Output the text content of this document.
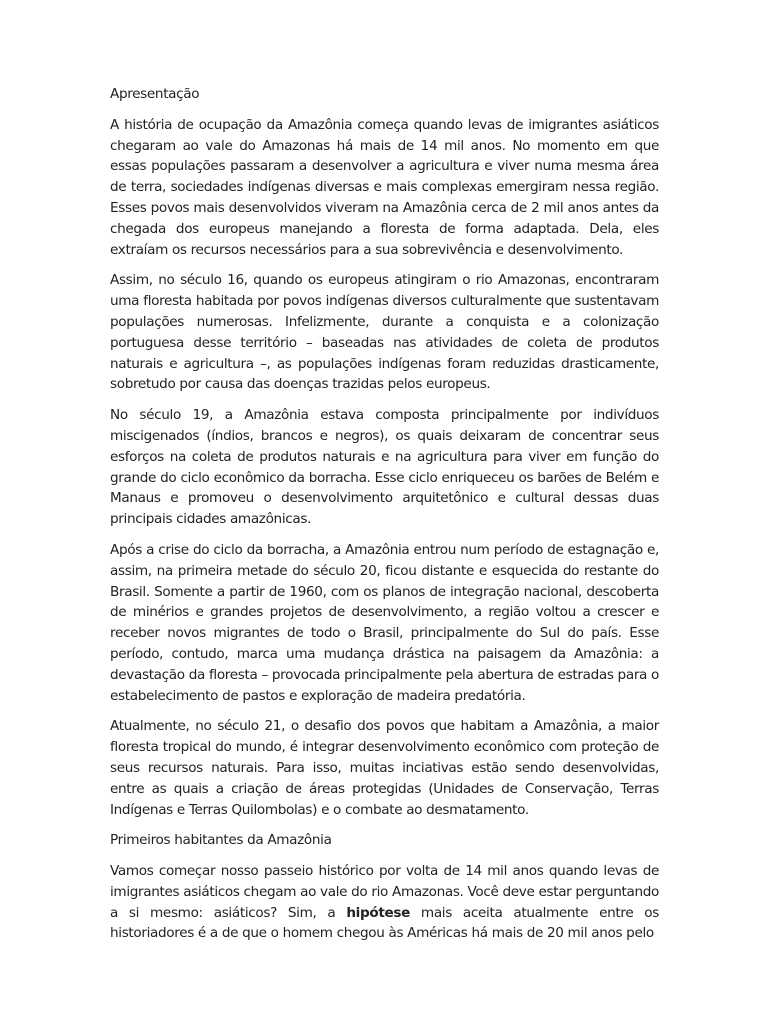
Apresentação

A história de ocupação da Amazônia começa quando levas de imigrantes asiáticos chegaram ao vale do Amazonas há mais de 14 mil anos. No momento em que essas populações passaram a desenvolver a agricultura e viver numa mesma área de terra, sociedades indígenas diversas e mais complexas emergiram nessa região. Esses povos mais desenvolvidos viveram na Amazônia cerca de 2 mil anos antes da chegada dos europeus manejando a floresta de forma adaptada. Dela, eles extraíam os recursos necessários para a sua sobrevivência e desenvolvimento.

Assim, no século 16, quando os europeus atingiram o rio Amazonas, encontraram uma floresta habitada por povos indígenas diversos culturalmente que sustentavam populações numerosas. Infelizmente, durante a conquista e a colonização portuguesa desse território – baseadas nas atividades de coleta de produtos naturais e agricultura –, as populações indígenas foram reduzidas drasticamente, sobretudo por causa das doenças trazidas pelos europeus.

No século 19, a Amazônia estava composta principalmente por indivíduos miscigenados (índios, brancos e negros), os quais deixaram de concentrar seus esforços na coleta de produtos naturais e na agricultura para viver em função do grande do ciclo econômico da borracha. Esse ciclo enriqueceu os barões de Belém e Manaus e promoveu o desenvolvimento arquitetônico e cultural dessas duas principais cidades amazônicas.

Após a crise do ciclo da borracha, a Amazônia entrou num período de estagnação e, assim, na primeira metade do século 20, ficou distante e esquecida do restante do Brasil. Somente a partir de 1960, com os planos de integração nacional, descoberta de minérios e grandes projetos de desenvolvimento, a região voltou a crescer e receber novos migrantes de todo o Brasil, principalmente do Sul do país. Esse período, contudo, marca uma mudança drástica na paisagem da Amazônia: a devastação da floresta – provocada principalmente pela abertura de estradas para o estabelecimento de pastos e exploração de madeira predatória.

Atualmente, no século 21, o desafio dos povos que habitam a Amazônia, a maior floresta tropical do mundo, é integrar desenvolvimento econômico com proteção de seus recursos naturais. Para isso, muitas inciativas estão sendo desenvolvidas, entre as quais a criação de áreas protegidas (Unidades de Conservação, Terras Indígenas e Terras Quilombolas) e o combate ao desmatamento.

Primeiros habitantes da Amazônia

Vamos começar nosso passeio histórico por volta de 14 mil anos quando levas de imigrantes asiáticos chegam ao vale do rio Amazonas. Você deve estar perguntando a si mesmo: asiáticos? Sim, a hipótese mais aceita atualmente entre os historiadores é a de que o homem chegou às Américas há mais de 20 mil anos pelo
